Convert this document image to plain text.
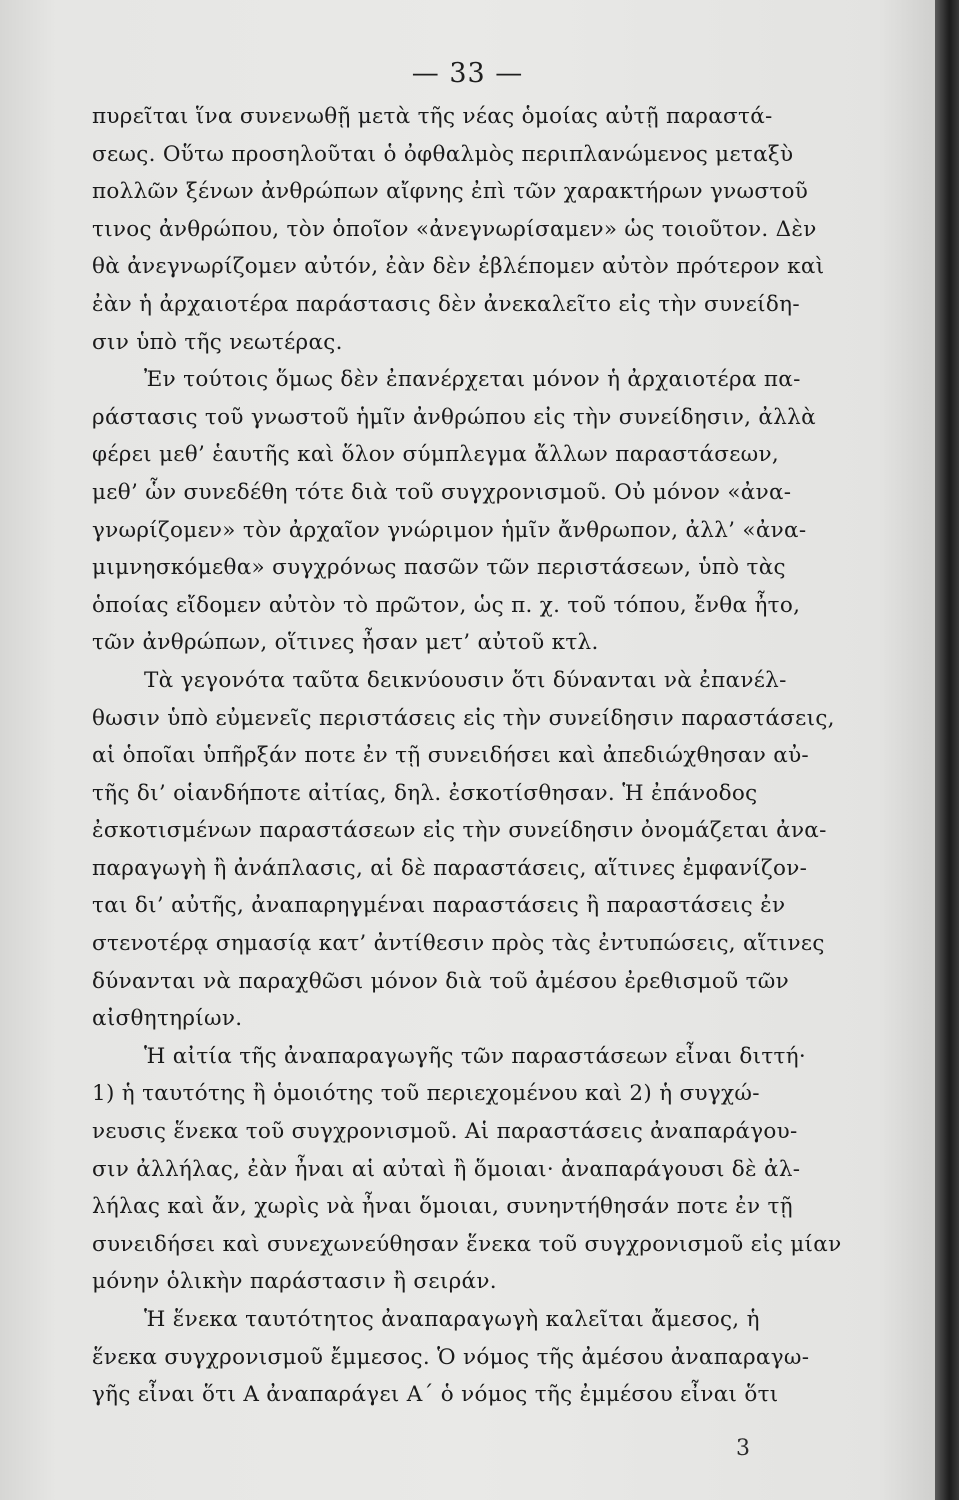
— 33 —
πυρεῖται ἵνα συνενωθῇ μετὰ τῆς νέας ὁμοίας αὐτῇ παραστά-
σεως. Οὕτω προσηλοῦται ὁ ὀφθαλμὸς περιπλανώμενος μεταξὺ
πολλῶν ξένων ἀνθρώπων αἴφνης ἐπὶ τῶν χαρακτήρων γνωστοῦ
τινος ἀνθρώπου, τὸν ὁποῖον «ἀνεγνωρίσαμεν» ὡς τοιοῦτον. Δὲν
θὰ ἀνεγνωρίζομεν αὐτόν, ἐὰν δὲν ἐβλέπομεν αὐτὸν πρότερον καὶ
ἐὰν ἡ ἀρχαιοτέρα παράστασις δὲν ἀνεκαλεῖτο εἰς τὴν συνείδη-
σιν ὑπὸ τῆς νεωτέρας.
Ἐν τούτοις ὅμως δὲν ἐπανέρχεται μόνον ἡ ἀρχαιοτέρα πα-
ράστασις τοῦ γνωστοῦ ἡμῖν ἀνθρώπου εἰς τὴν συνείδησιν, ἀλλὰ
φέρει μεθ’ ἑαυτῆς καὶ ὅλον σύμπλεγμα ἄλλων παραστάσεων,
μεθ’ ὧν συνεδέθη τότε διὰ τοῦ συγχρονισμοῦ. Οὐ μόνον «ἀνα-
γνωρίζομεν» τὸν ἀρχαῖον γνώριμον ἡμῖν ἄνθρωπον, ἀλλ’ «ἀνα-
μιμνησκόμεθα» συγχρόνως πασῶν τῶν περιστάσεων, ὑπὸ τὰς
ὁποίας εἴδομεν αὐτὸν τὸ πρῶτον, ὡς π. χ. τοῦ τόπου, ἔνθα ἦτο,
τῶν ἀνθρώπων, οἵτινες ἦσαν μετ’ αὐτοῦ κτλ.
Τὰ γεγονότα ταῦτα δεικνύουσιν ὅτι δύνανται νὰ ἐπανέλ-
θωσιν ὑπὸ εὐμενεῖς περιστάσεις εἰς τὴν συνείδησιν παραστάσεις,
αἱ ὁποῖαι ὑπῆρξάν ποτε ἐν τῇ συνειδήσει καὶ ἀπεδιώχθησαν αὐ-
τῆς δι’ οἱανδήποτε αἰτίας, δηλ. ἐσκοτίσθησαν. Ἡ ἐπάνοδος
ἐσκοτισμένων παραστάσεων εἰς τὴν συνείδησιν ὀνομάζεται ἀνα-
παραγωγὴ ἢ ἀνάπλασις, αἱ δὲ παραστάσεις, αἵτινες ἐμφανίζον-
ται δι’ αὐτῆς, ἀναπαρηγμέναι παραστάσεις ἢ παραστάσεις ἐν
στενοτέρᾳ σημασίᾳ κατ’ ἀντίθεσιν πρὸς τὰς ἐντυπώσεις, αἵτινες
δύνανται νὰ παραχθῶσι μόνον διὰ τοῦ ἀμέσου ἐρεθισμοῦ τῶν
αἰσθητηρίων.
Ἡ αἰτία τῆς ἀναπαραγωγῆς τῶν παραστάσεων εἶναι διττή·
1) ἡ ταυτότης ἢ ὁμοιότης τοῦ περιεχομένου καὶ 2) ἡ συγχώ-
νευσις ἕνεκα τοῦ συγχρονισμοῦ. Αἱ παραστάσεις ἀναπαράγου-
σιν ἀλλήλας, ἐὰν ἦναι αἱ αὐταὶ ἢ ὅμοιαι· ἀναπαράγουσι δὲ ἀλ-
λήλας καὶ ἄν, χωρὶς νὰ ἦναι ὅμοιαι, συνηντήθησάν ποτε ἐν τῇ
συνειδήσει καὶ συνεχωνεύθησαν ἕνεκα τοῦ συγχρονισμοῦ εἰς μίαν
μόνην ὁλικὴν παράστασιν ἢ σειράν.
Ἡ ἕνεκα ταυτότητος ἀναπαραγωγὴ καλεῖται ἄμεσος, ἡ
ἕνεκα συγχρονισμοῦ ἔμμεσος. Ὁ νόμος τῆς ἀμέσου ἀναπαραγω-
γῆς εἶναι ὅτι A ἀναπαράγει A΄ ὁ νόμος τῆς ἐμμέσου εἶναι ὅτι
3
